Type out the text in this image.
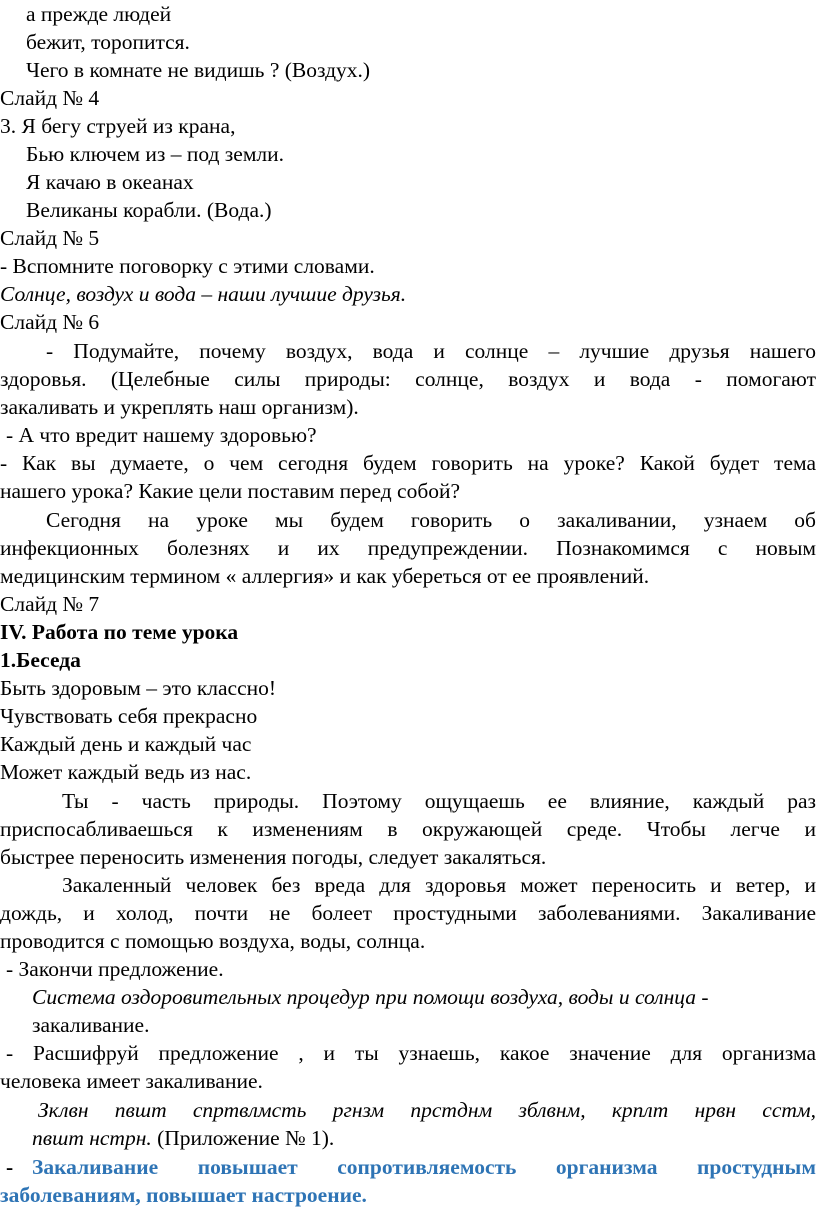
а прежде людей
бежит, торопится.
Чего в комнате не видишь ? (Воздух.)
Слайд № 4
3. Я бегу струей из крана,
Бью ключем из – под земли.
Я качаю в океанах
Великаны корабли. (Вода.)
Слайд № 5
- Вспомните поговорку с этими словами.
Солнце, воздух и вода – наши лучшие друзья.
Слайд № 6
- Подумайте, почему воздух, вода и солнце – лучшие друзья нашего
здоровья. (Целебные силы природы: солнце, воздух и вода - помогают
закаливать и укреплять наш организм).
- А что вредит нашему здоровью?
- Как вы думаете, о чем сегодня будем говорить на уроке? Какой будет тема
нашего урока? Какие цели поставим перед собой?
Сегодня на уроке мы будем говорить о закаливании, узнаем об
инфекционных болезнях и их предупреждении. Познакомимся с новым
медицинским термином « аллергия» и как убереться от ее проявлений.
Слайд № 7
IV. Работа по теме урока
1.Беседа
Быть здоровым – это классно!
Чувствовать себя прекрасно
Каждый день и каждый час
Может каждый ведь из нас.
Ты - часть природы. Поэтому ощущаешь ее влияние, каждый раз
приспосабливаешься к изменениям в окружающей среде. Чтобы легче и
быстрее переносить изменения погоды, следует закаляться.
Закаленный человек без вреда для здоровья может переносить и ветер, и
дождь, и холод, почти не болеет простудными заболеваниями. Закаливание
проводится с помощью воздуха, воды, солнца.
- Закончи предложение.
Система оздоровительных процедур при помощи воздуха, воды и солнца -
закаливание.
- Расшифруй предложение , и ты узнаешь, какое значение для организма
человека имеет закаливание.
Зклвн пвшт спртвлмсть ргнзм прстднм зблвнм, крплт нрвн сстм,
пвшт нстрн. (Приложение № 1).
- Закаливание повышает сопротивляемость организма простудным
заболеваниям, повышает настроение.
